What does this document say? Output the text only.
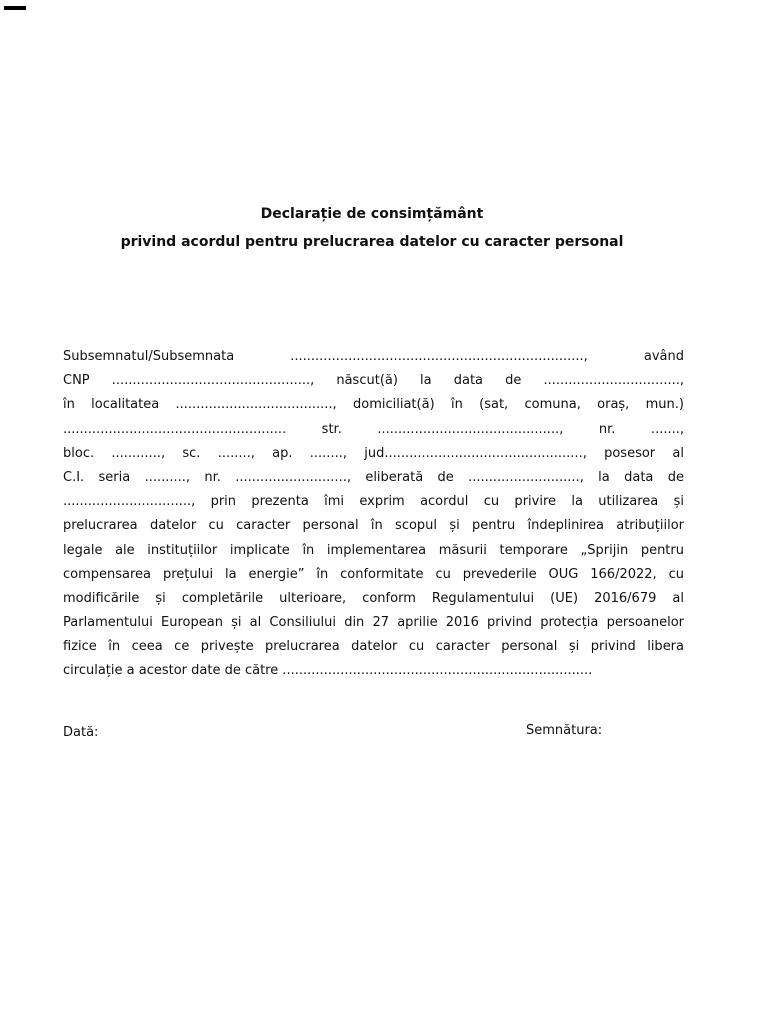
Declarație de consimțământ
privind acordul pentru prelucrarea datelor cu caracter personal
Subsemnatul/Subsemnata ......................................................................., având
CNP ................................................, născut(ă) la data de .................................,
în localitatea ......................................, domiciliat(ă) în (sat, comuna, oraș, mun.)
...................................................... str. ............................................, nr. .......,
bloc. ............, sc. ........, ap. ........, jud................................................, posesor al
C.I. seria .........., nr. ..........................., eliberată de ..........................., la data de
..............................., prin prezenta îmi exprim acordul cu privire la utilizarea și
prelucrarea datelor cu caracter personal în scopul și pentru îndeplinirea atribuțiilor
legale ale instituțiilor implicate în implementarea măsurii temporare „Sprijin pentru
compensarea prețului la energie” în conformitate cu prevederile OUG 166/2022, cu
modificările și completările ulterioare, conform Regulamentului (UE) 2016/679 al
Parlamentului European și al Consiliului din 27 aprilie 2016 privind protecția persoanelor
fizice în ceea ce privește prelucrarea datelor cu caracter personal și privind libera
circulație a acestor date de către ...........................................................................
Dată:	Semnătura:
